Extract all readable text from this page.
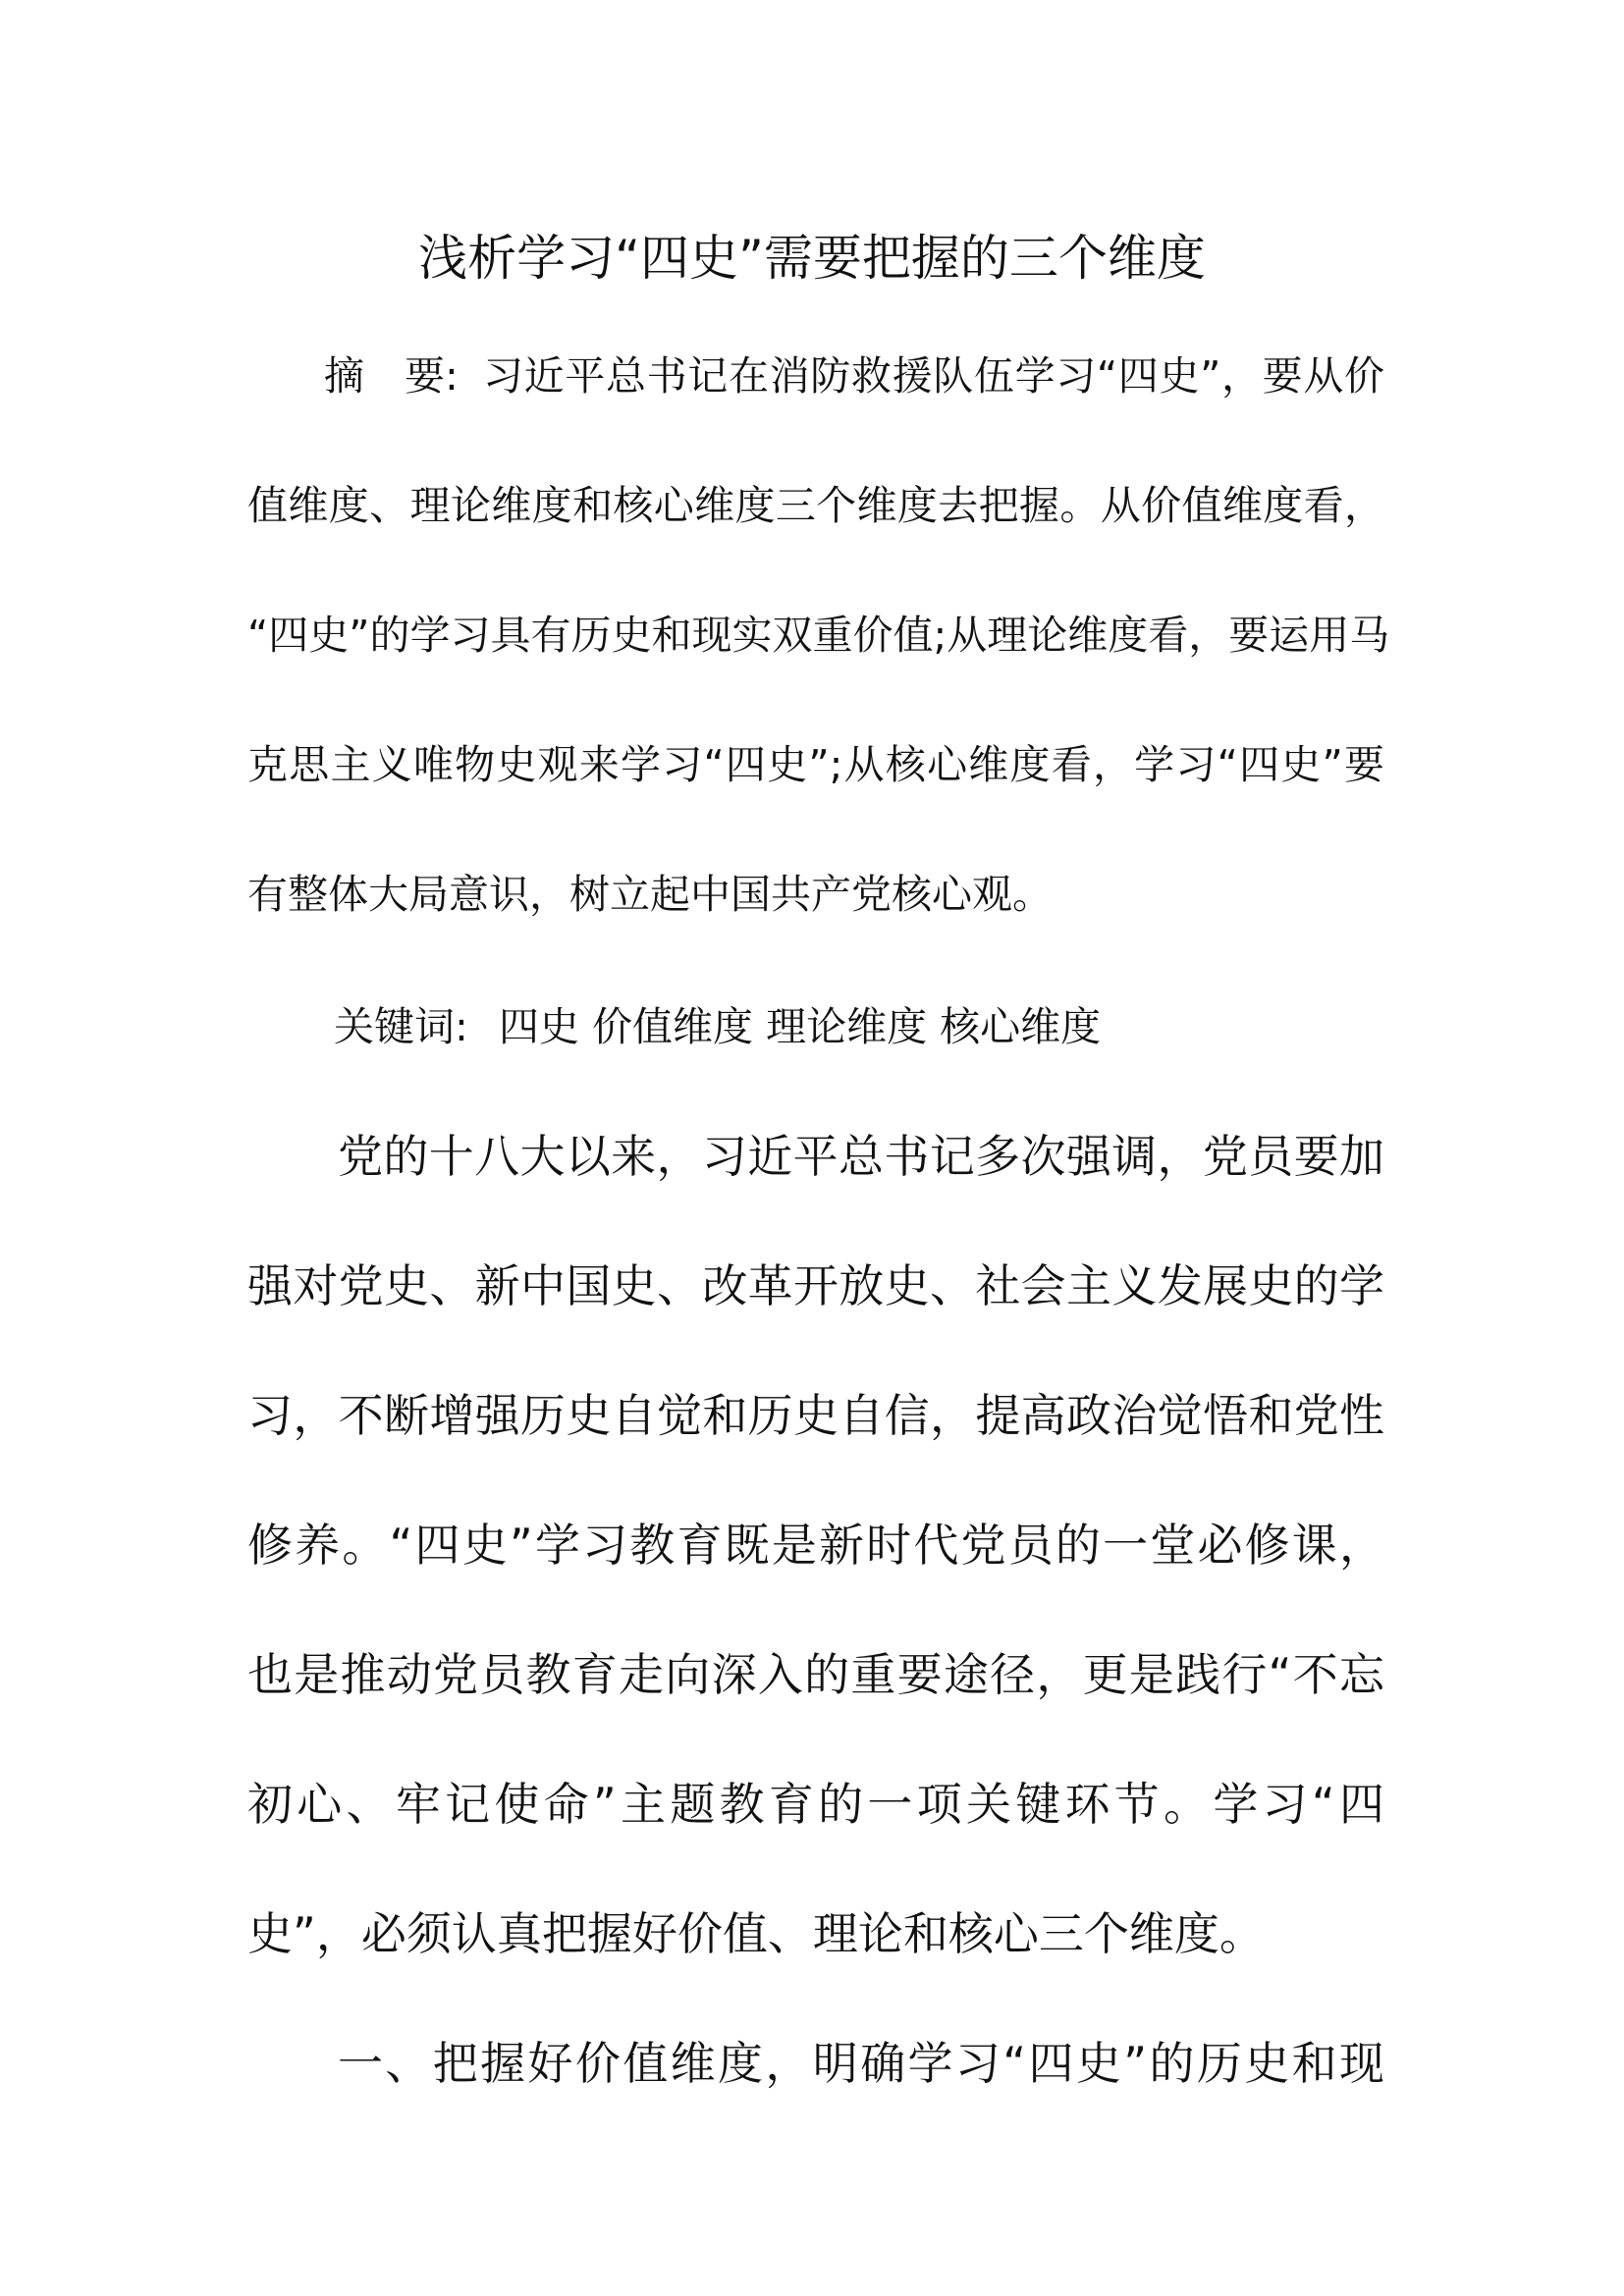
浅析学习“四史”需要把握的三个维度
摘　要: 习近平总书记在消防救援队伍学习“四史”，要从价
值维度、理论维度和核心维度三个维度去把握。从价值维度看，
“四史”的学习具有历史和现实双重价值;从理论维度看，要运用马
克思主义唯物史观来学习“四史”;从核心维度看，学习“四史”要
有整体大局意识，树立起中国共产党核心观。
关键词: 四史 价值维度 理论维度 核心维度
党的十八大以来，习近平总书记多次强调，党员要加
强对党史、新中国史、改革开放史、社会主义发展史的学
习，不断增强历史自觉和历史自信，提高政治觉悟和党性
修养。“四史”学习教育既是新时代党员的一堂必修课，
也是推动党员教育走向深入的重要途径，更是践行“不忘
初心、牢记使命”主题教育的一项关键环节。学习“四
史”，必须认真把握好价值、理论和核心三个维度。
一、把握好价值维度，明确学习“四史”的历史和现
